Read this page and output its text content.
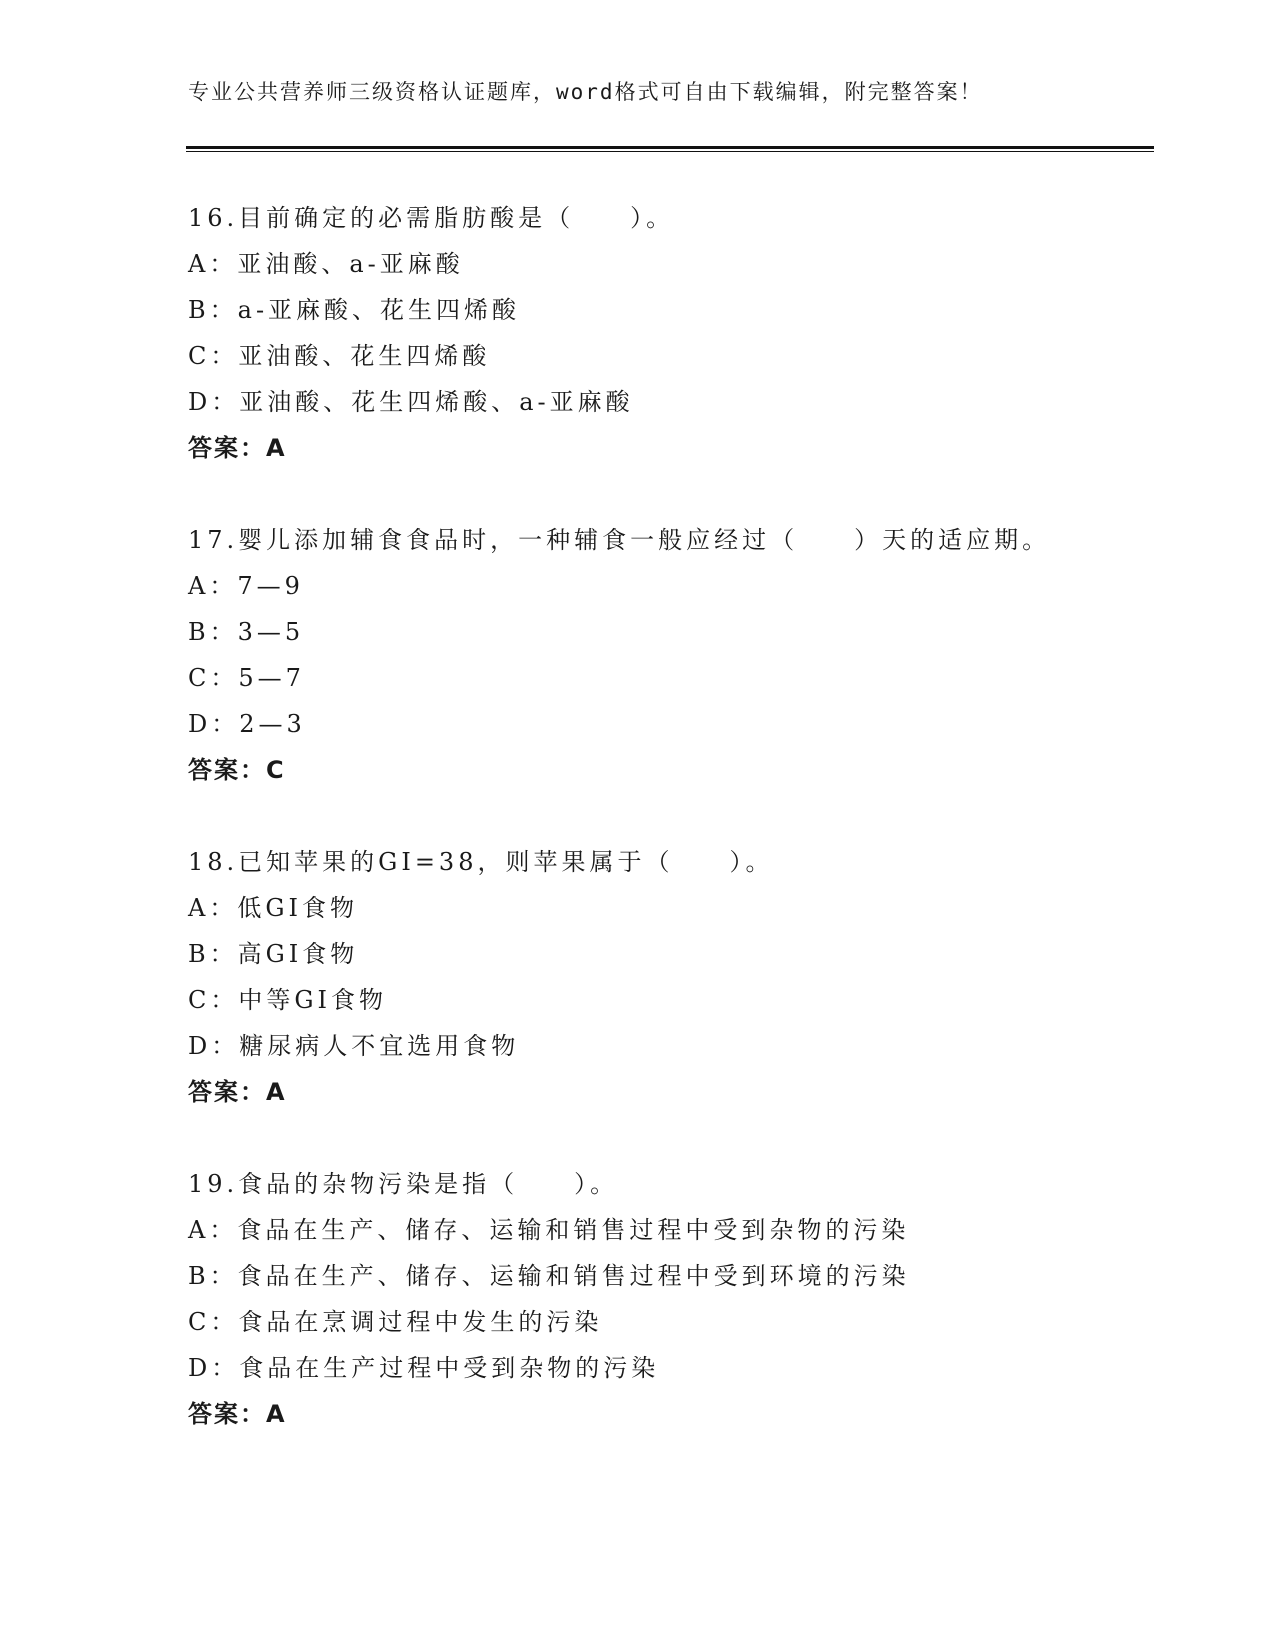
专业公共营养师三级资格认证题库，word格式可自由下载编辑，附完整答案！
16.目前确定的必需脂肪酸是（　　）。
A：亚油酸、a-亚麻酸
B：a-亚麻酸、花生四烯酸
C：亚油酸、花生四烯酸
D：亚油酸、花生四烯酸、a-亚麻酸
答案：A
17.婴儿添加辅食食品时，一种辅食一般应经过（　　）天的适应期。
A：7—9
B：3—5
C：5—7
D：2—3
答案：C
18.已知苹果的GI=38，则苹果属于（　　）。
A：低GI食物
B：高GI食物
C：中等GI食物
D：糖尿病人不宜选用食物
答案：A
19.食品的杂物污染是指（　　）。
A：食品在生产、储存、运输和销售过程中受到杂物的污染
B：食品在生产、储存、运输和销售过程中受到环境的污染
C：食品在烹调过程中发生的污染
D：食品在生产过程中受到杂物的污染
答案：A
